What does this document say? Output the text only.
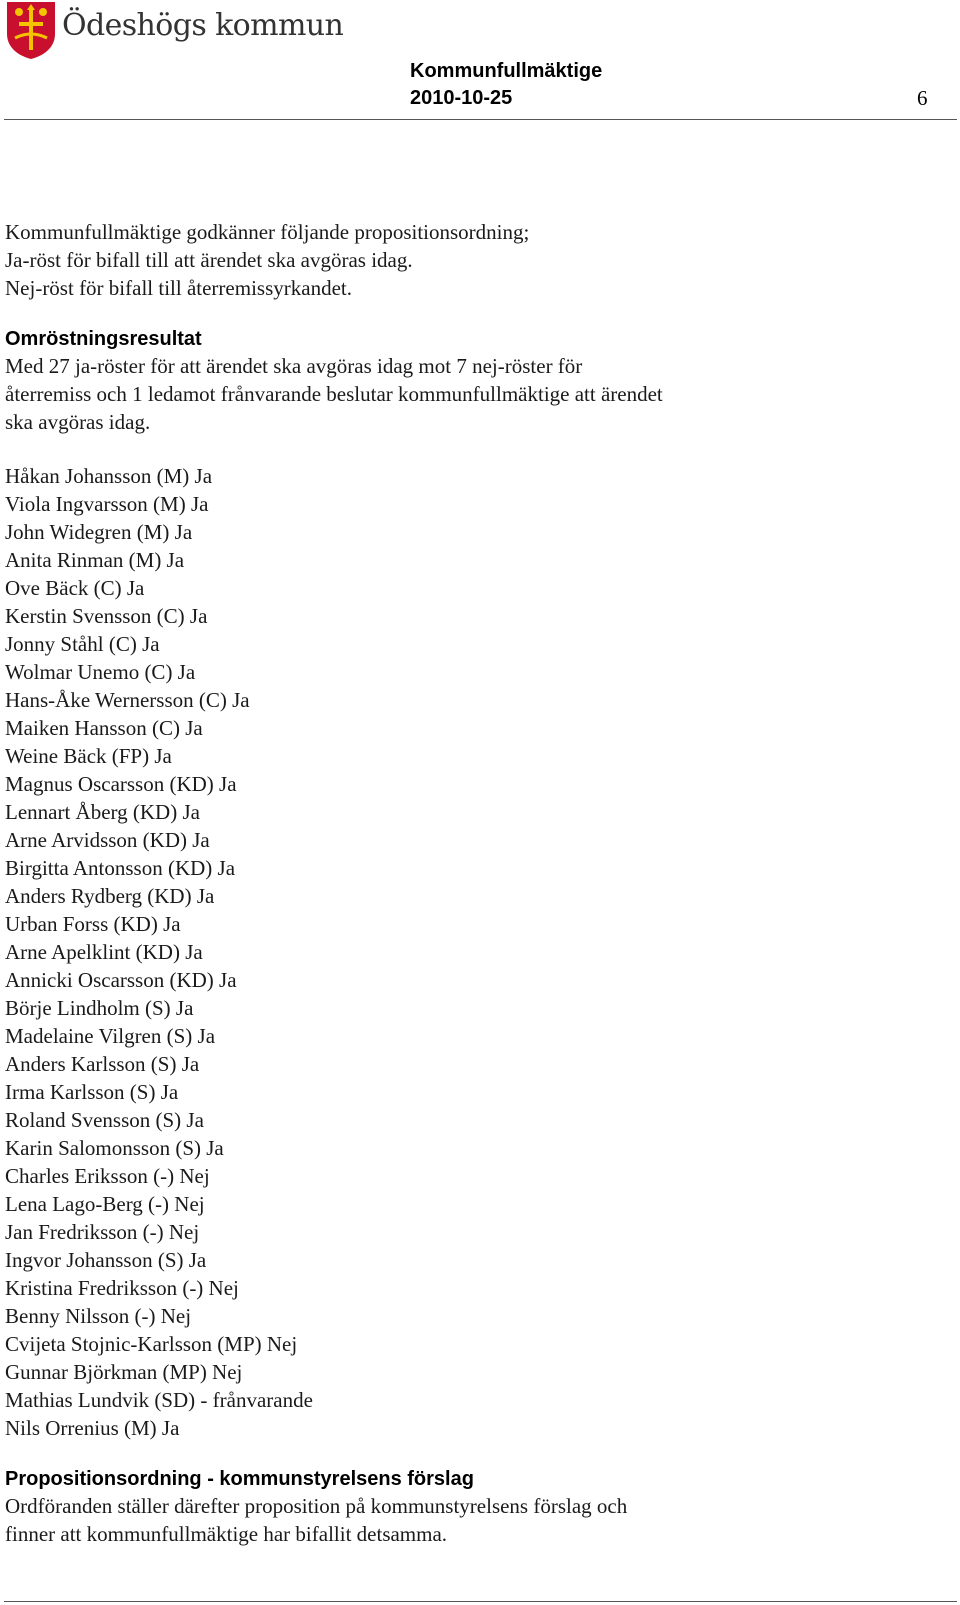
Ödeshögs kommun
Kommunfullmäktige
2010-10-25	6

Kommunfullmäktige godkänner följande propositionsordning;
Ja-röst för bifall till att ärendet ska avgöras idag.
Nej-röst för bifall till återremissyrkandet.

Omröstningsresultat

Med 27 ja-röster för att ärendet ska avgöras idag mot 7 nej-röster för
återremiss och 1 ledamot frånvarande beslutar kommunfullmäktige att ärendet
ska avgöras idag.

Håkan Johansson (M) Ja
Viola Ingvarsson (M) Ja
John Widegren (M) Ja
Anita Rinman (M) Ja
Ove Bäck (C) Ja
Kerstin Svensson (C) Ja
Jonny Ståhl (C) Ja
Wolmar Unemo (C) Ja
Hans-Åke Wernersson (C) Ja
Maiken Hansson (C) Ja
Weine Bäck (FP) Ja
Magnus Oscarsson (KD) Ja
Lennart Åberg (KD) Ja
Arne Arvidsson (KD) Ja
Birgitta Antonsson (KD) Ja
Anders Rydberg (KD) Ja
Urban Forss (KD) Ja
Arne Apelklint (KD) Ja
Annicki Oscarsson (KD) Ja
Börje Lindholm (S) Ja
Madelaine Vilgren (S) Ja
Anders Karlsson (S) Ja
Irma Karlsson (S) Ja
Roland Svensson (S) Ja
Karin Salomonsson (S) Ja
Charles Eriksson (-) Nej
Lena Lago-Berg (-) Nej
Jan Fredriksson (-) Nej
Ingvor Johansson (S) Ja
Kristina Fredriksson (-) Nej
Benny Nilsson (-) Nej
Cvijeta Stojnic-Karlsson (MP) Nej
Gunnar Björkman (MP) Nej
Mathias Lundvik (SD) - frånvarande
Nils Orrenius (M) Ja
Propositionsordning - kommunstyrelsens förslag

Ordföranden ställer därefter proposition på kommunstyrelsens förslag och
finner att kommunfullmäktige har bifallit detsamma.
